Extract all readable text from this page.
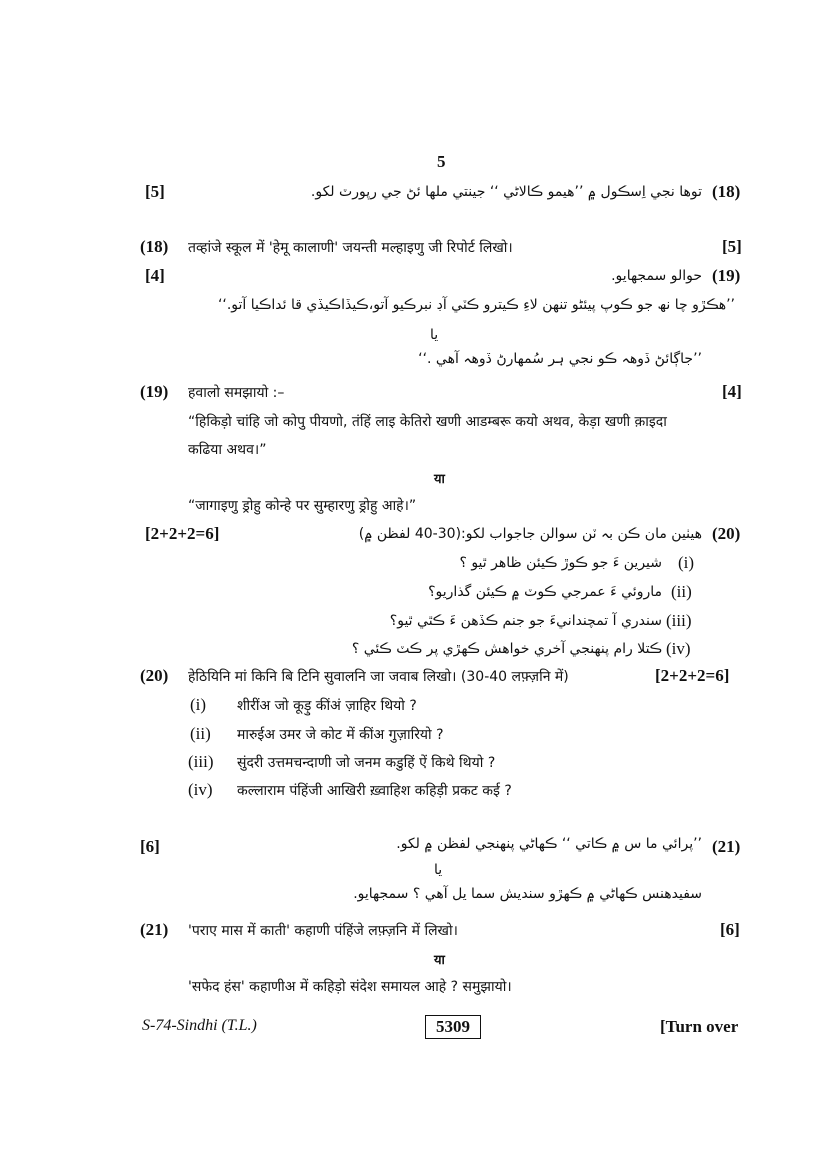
5
[5]	توھا نجي اِسڪول ۾ ’’ھيمو ڪالاڻي ‘‘ جينتي ملھا ئڻ جي رپورٽ لکو. (18)
(18) तव्हांजे स्कूल में 'हेमू कालाणी' जयन्ती मल्हाइणु जी रिपोर्ट लिखो।	[5]
[4]	حوالو سمجھايو. (19)
’’ھڪڙو چا نھ جو ڪوپ پيئڻو تنھن لاءِ ڪيترو ڪٽي آڊ نبرڪيو آتو،ڪيڏاڪيڏي قا ئداڪيا آتو.‘‘
يا
’’جاڳائڻ ڏوھہ ڪو نجي ہر سُمھارڻ ڏوھہ آھي .‘‘
(19) हवालो समझायो :–	[4]
“हिकिड़ो चांहि जो कोपु पीयणो, तंहिं लाइ केतिरो खणी आडम्बरू कयो अथव, केड़ा खणी क़ाइदा
कढिया अथव।”
या
“जागाइणु ड्रोहु कोन्हे पर सुम्हारणु ड्रोहु आहे।”
[2+2+2=6]	ھيٺين مان ڪن بہ ٽن سوالن جاجواب لکو:(30-40 لفظن ۾) (20)
شيرين ءَ جو ڪوڙ ڪيئن ظاھر ٿيو ؟ (i)
ماروئي ءَ عمرجي ڪوٽ ۾ ڪيئن گذاريو؟ (ii)
سندري آ تمچندانيءَ جو جنم ڪڏھن ءَ ڪٿي ٿيو؟ (iii)
ڪتلا رام پنھنجي آخري خواھش ڪھڙي پر ڪٽ ڪئي ؟ (iv)
(20) हेठियिनि मां किनि बि टिनि सुवालनि जा जवाब लिखो। (30-40 लफ़्ज़नि में)	[2+2+2=6]
(i) शीरींअ जो कूड़ु कींअं ज़ाहिर थियो ?
(ii) मारुईअ उमर जे कोट में कींअ गुज़ारियो ?
(iii) सुंदरी उत्तमचन्दाणी जो जनम कडुहिं ऐं किथे थियो ?
(iv) कल्लाराम पंहिंजी आखिरी ख़्वाहिश कहिड़ी प्रकट कई ?
[6]	’’پرائي ما س ۾ ڪاتي ‘‘ ڪھاڻي پنھنجي لفظن ۾ لکو. (21)
يا
سفيدھنس ڪھاڻي ۾ ڪھڙو سنديش سما يل آھي ؟ سمجھايو.
(21) 'पराए मास में काती' कहाणी पंहिंजे लफ़्ज़नि में लिखो।	[6]
या
'सफेद हंस' कहाणीअ में कहिड़ो संदेश समायल आहे ? समुझायो।
S-74-Sindhi (T.L.)	5309	[Turn over
